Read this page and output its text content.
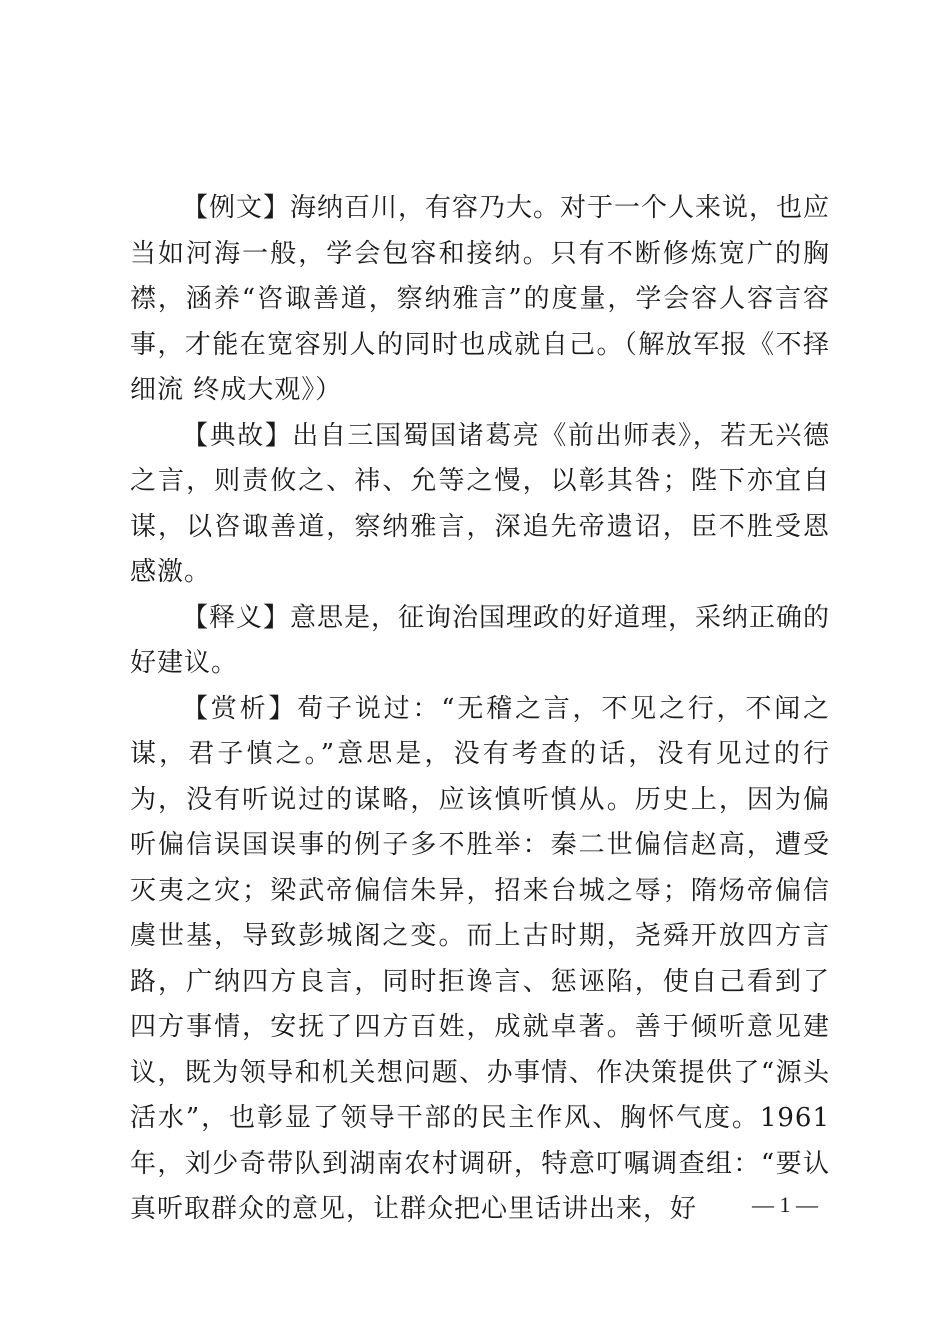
【例文】海纳百川，有容乃大。对于一个人来说，也应当如河海一般，学会包容和接纳。只有不断修炼宽广的胸襟，涵养“咨诹善道，察纳雅言”的度量，学会容人容言容事，才能在宽容别人的同时也成就自己。（解放军报《不择细流 终成大观》）

【典故】出自三国蜀国诸葛亮《前出师表》，若无兴德之言，则责攸之、祎、允等之慢，以彰其咎；陛下亦宜自谋，以咨诹善道，察纳雅言，深追先帝遗诏，臣不胜受恩感激。

【释义】意思是，征询治国理政的好道理，采纳正确的好建议。

【赏析】荀子说过：“无稽之言，不见之行，不闻之谋，君子慎之。”意思是，没有考查的话，没有见过的行为，没有听说过的谋略，应该慎听慎从。历史上，因为偏听偏信误国误事的例子多不胜举：秦二世偏信赵高，遭受灭夷之灾；梁武帝偏信朱异，招来台城之辱；隋炀帝偏信虞世基，导致彭城阁之变。而上古时期，尧舜开放四方言路，广纳四方良言，同时拒谗言、惩诬陷，使自己看到了四方事情，安抚了四方百姓，成就卓著。善于倾听意见建议，既为领导和机关想问题、办事情、作决策提供了“源头活水”，也彰显了领导干部的民主作风、胸怀气度。1961年，刘少奇带队到湖南农村调研，特意叮嘱调查组：“要认真听取群众的意见，让群众把心里话讲出来，好	— 1 —
